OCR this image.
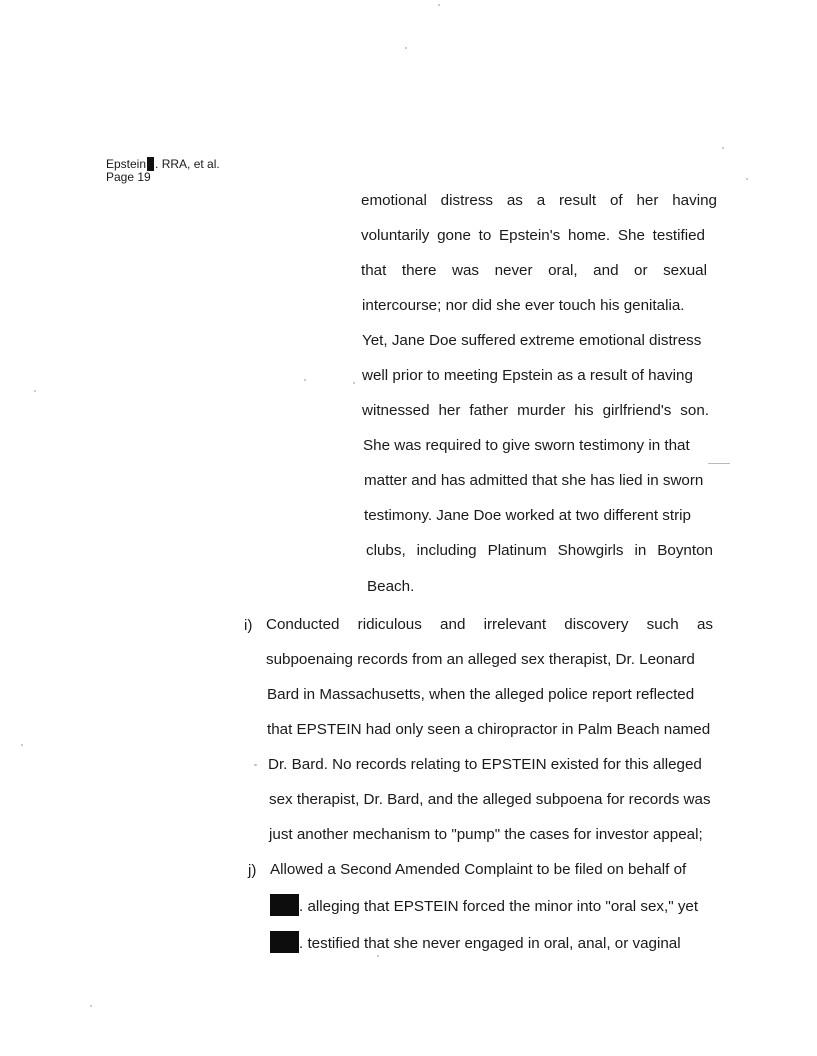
Epstein . RRA, et al.
Page 19
emotional distress as a result of her having
voluntarily gone to Epstein's home. She testified
that there was never oral, and or sexual
intercourse; nor did she ever touch his genitalia.
Yet, Jane Doe suffered extreme emotional distress
well prior to meeting Epstein as a result of having
witnessed her father murder his girlfriend's son.
She was required to give sworn testimony in that
matter and has admitted that she has lied in sworn
testimony. Jane Doe worked at two different strip
clubs, including Platinum Showgirls in Boynton
Beach.
i) Conducted ridiculous and irrelevant discovery such as
subpoenaing records from an alleged sex therapist, Dr. Leonard
Bard in Massachusetts, when the alleged police report reflected
that EPSTEIN had only seen a chiropractor in Palm Beach named
Dr. Bard. No records relating to EPSTEIN existed for this alleged
sex therapist, Dr. Bard, and the alleged subpoena for records was
just another mechanism to "pump" the cases for investor appeal;
j) Allowed a Second Amended Complaint to be filed on behalf of
. alleging that EPSTEIN forced the minor into "oral sex," yet
. testified that she never engaged in oral, anal, or vaginal
